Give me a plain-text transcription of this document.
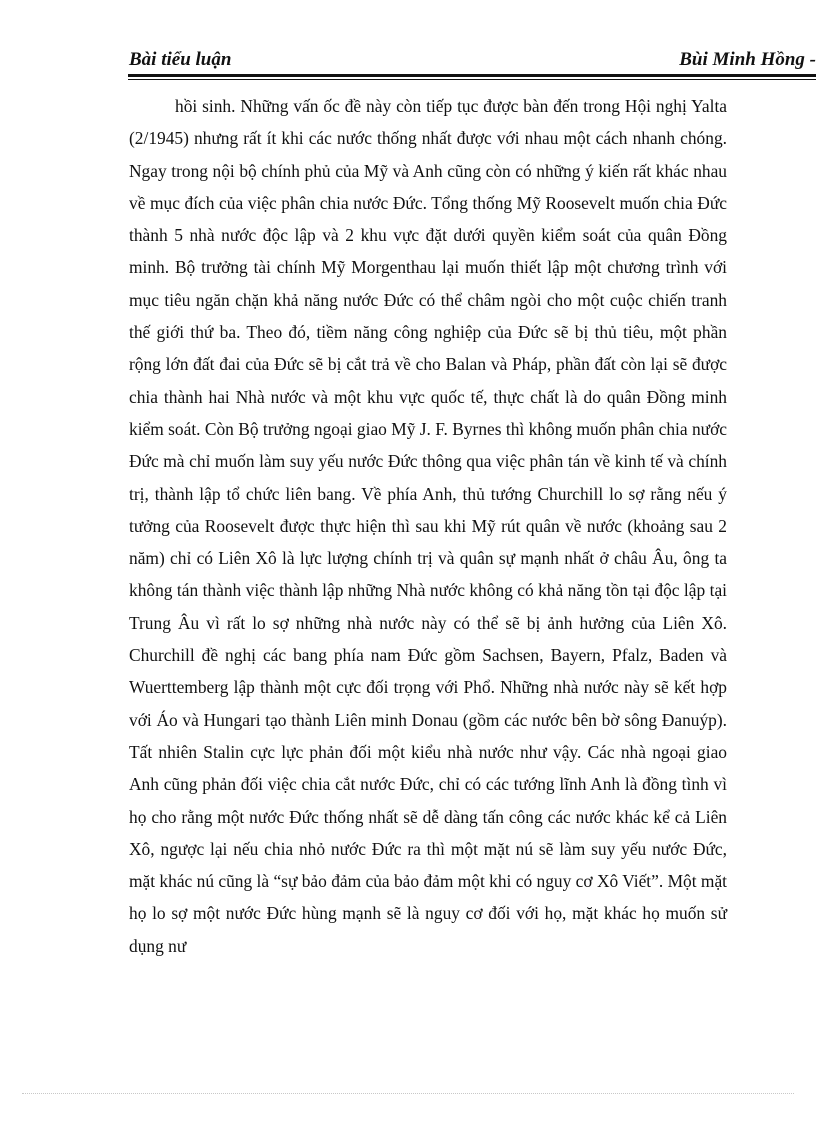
Bài tiểu luận	Bùi Minh Hồng -

hồi sinh. Những vấn ốc đề này còn tiếp tục được bàn đến trong Hội nghị Yalta (2/1945) nhưng rất ít khi các nước thống nhất được với nhau một cách nhanh chóng. Ngay trong nội bộ chính phủ của Mỹ và Anh cũng còn có những ý kiến rất khác nhau về mục đích của việc phân chia nước Đức. Tổng thống Mỹ Roosevelt muốn chia Đức thành 5 nhà nước độc lập và 2 khu vực đặt dưới quyền kiểm soát của quân Đồng minh. Bộ trưởng tài chính Mỹ Morgenthau lại muốn thiết lập một chương trình với mục tiêu ngăn chặn khả năng nước Đức có thể châm ngòi cho một cuộc chiến tranh thế giới thứ ba. Theo đó, tiềm năng công nghiệp của Đức sẽ bị thủ tiêu, một phần rộng lớn đất đai của Đức sẽ bị cắt trả về cho Balan và Pháp, phần đất còn lại sẽ được chia thành hai Nhà nước và một khu vực quốc tế, thực chất là do quân Đồng minh kiểm soát. Còn Bộ trưởng ngoại giao Mỹ J. F. Byrnes thì không muốn phân chia nước Đức mà chỉ muốn làm suy yếu nước Đức thông qua việc phân tán về kinh tế và chính trị, thành lập tổ chức liên bang. Về phía Anh, thủ tướng Churchill lo sợ rằng nếu ý tưởng của Roosevelt được thực hiện thì sau khi Mỹ rút quân về nước (khoảng sau 2 năm) chỉ có Liên Xô là lực lượng chính trị và quân sự mạnh nhất ở châu Âu, ông ta không tán thành việc thành lập những Nhà nước không có khả năng tồn tại độc lập tại Trung Âu vì rất lo sợ những nhà nước này có thể sẽ bị ảnh hưởng của Liên Xô. Churchill đề nghị các bang phía nam Đức gồm Sachsen, Bayern, Pfalz, Baden và Wuerttemberg lập thành một cực đối trọng với Phổ. Những nhà nước này sẽ kết hợp với Áo và Hungari tạo thành Liên minh Donau (gồm các nước bên bờ sông Đanuýp). Tất nhiên Stalin cực lực phản đối một kiểu nhà nước như vậy. Các nhà ngoại giao Anh cũng phản đối việc chia cắt nước Đức, chỉ có các tướng lĩnh Anh là đồng tình vì họ cho rằng một nước Đức thống nhất sẽ dễ dàng tấn công các nước khác kể cả Liên Xô, ngược lại nếu chia nhỏ nước Đức ra thì một mặt nú sẽ làm suy yếu nước Đức, mặt khác nú cũng là “sự bảo đảm của bảo đảm một khi có nguy cơ Xô Viết”. Một mặt họ lo sợ một nước Đức hùng mạnh sẽ là nguy cơ đối với họ, mặt khác họ muốn sử dụng nư
